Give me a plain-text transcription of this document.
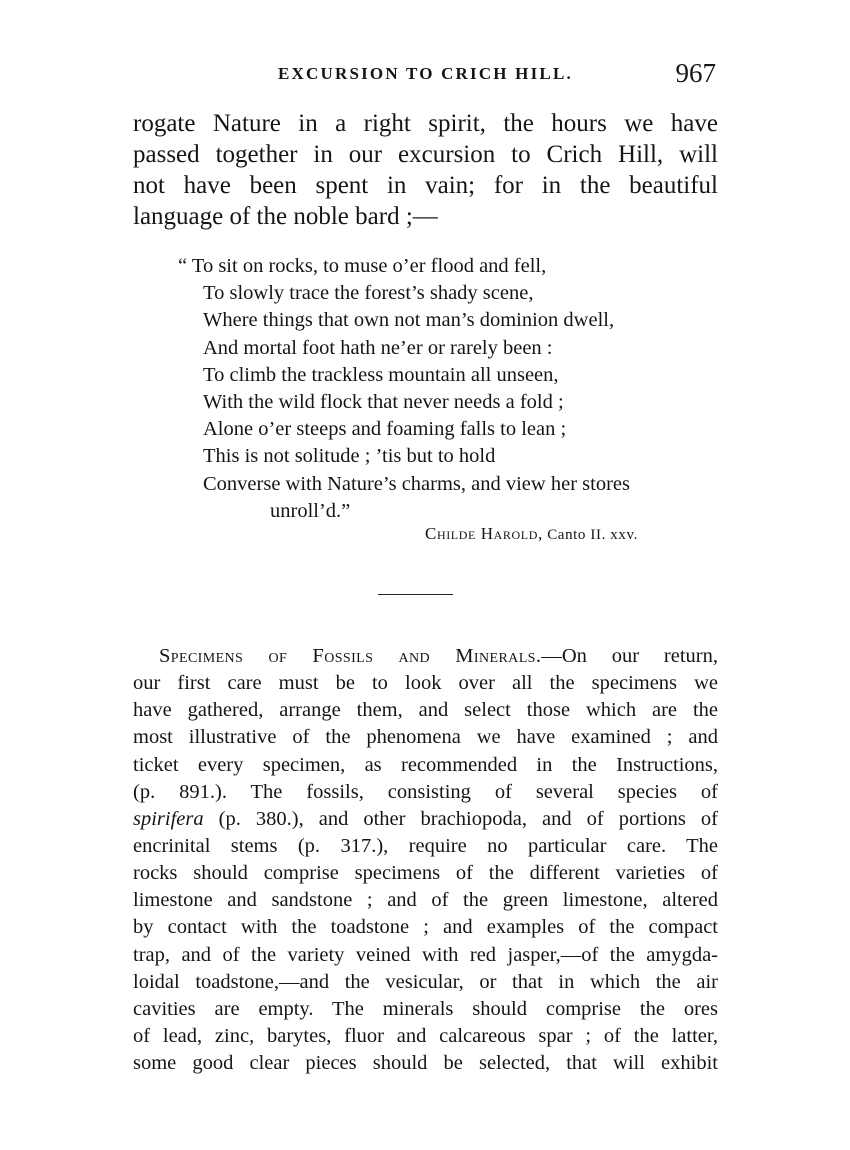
EXCURSION TO CRICH HILL.	967
rogate Nature in a right spirit, the hours we have
passed together in our excursion to Crich Hill, will
not have been spent in vain; for in the beautiful
language of the noble bard ;—
“ To sit on rocks, to muse o’er flood and fell,
To slowly trace the forest’s shady scene,
Where things that own not man’s dominion dwell,
And mortal foot hath ne’er or rarely been :
To climb the trackless mountain all unseen,
With the wild flock that never needs a fold ;
Alone o’er steeps and foaming falls to lean ;
This is not solitude ; ’tis but to hold
Converse with Nature’s charms, and view her stores
unroll’d.”
Childe Harold, Canto II. xxv.
Specimens of Fossils and Minerals.—On our return,
our first care must be to look over all the specimens we
have gathered, arrange them, and select those which are the
most illustrative of the phenomena we have examined ; and
ticket every specimen, as recommended in the Instructions,
(p. 891.). The fossils, consisting of several species of
spirifera (p. 380.), and other brachiopoda, and of portions of
encrinital stems (p. 317.), require no particular care. The
rocks should comprise specimens of the different varieties of
limestone and sandstone ; and of the green limestone, altered
by contact with the toadstone ; and examples of the compact
trap, and of the variety veined with red jasper,—of the amygda-
loidal toadstone,—and the vesicular, or that in which the air
cavities are empty. The minerals should comprise the ores
of lead, zinc, barytes, fluor and calcareous spar ; of the latter,
some good clear pieces should be selected, that will exhibit
